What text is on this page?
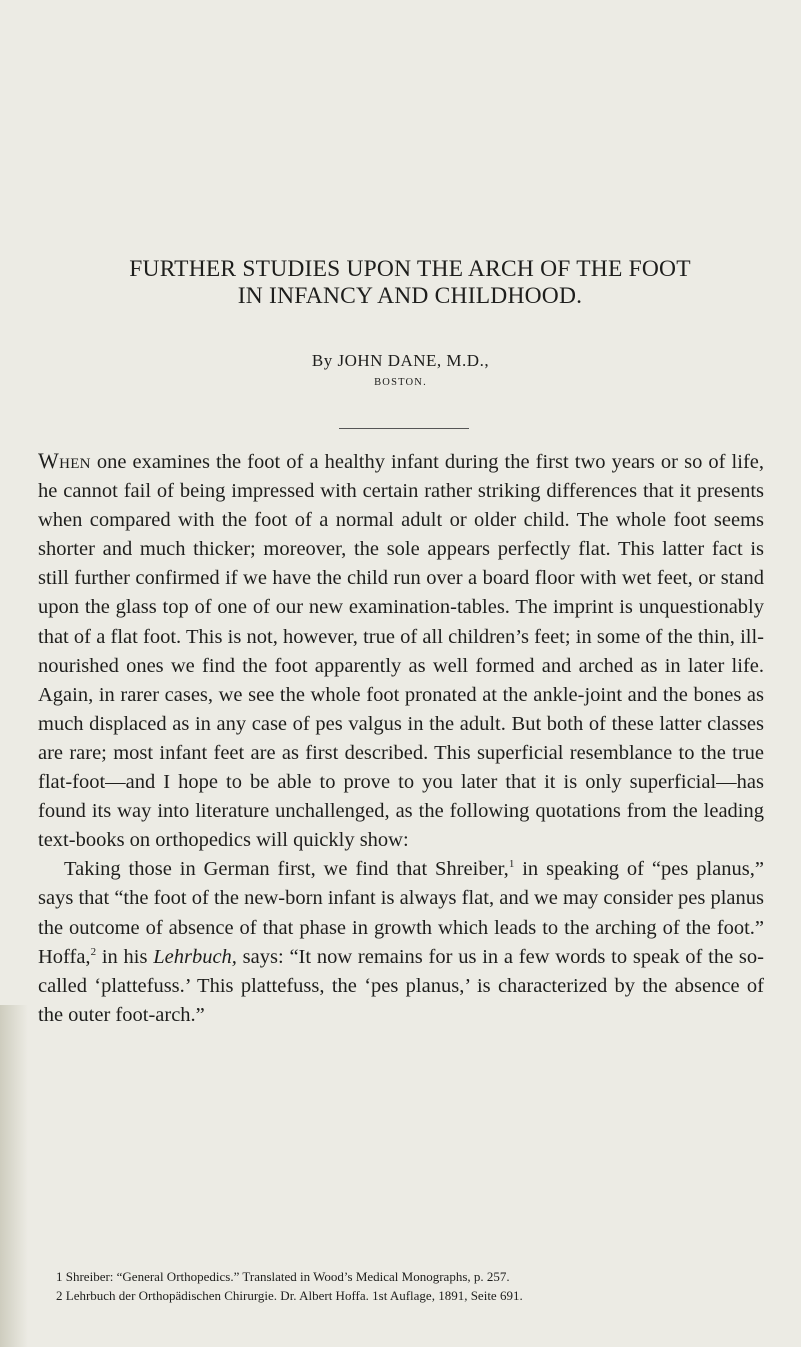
FURTHER STUDIES UPON THE ARCH OF THE FOOT
IN INFANCY AND CHILDHOOD.
By JOHN DANE, M.D.,
BOSTON.

When one examines the foot of a healthy infant during the first two years or so of life, he cannot fail of being impressed with certain rather striking differences that it presents when compared with the foot of a normal adult or older child. The whole foot seems shorter and much thicker; moreover, the sole appears perfectly flat. This latter fact is still further confirmed if we have the child run over a board floor with wet feet, or stand upon the glass top of one of our new examination-tables. The imprint is unquestionably that of a flat foot. This is not, however, true of all children’s feet; in some of the thin, ill-nourished ones we find the foot apparently as well formed and arched as in later life. Again, in rarer cases, we see the whole foot pronated at the ankle-joint and the bones as much displaced as in any case of pes valgus in the adult. But both of these latter classes are rare; most infant feet are as first described. This superficial resemblance to the true flat-foot—and I hope to be able to prove to you later that it is only superficial—has found its way into literature unchallenged, as the following quotations from the leading text-books on orthopedics will quickly show:

Taking those in German first, we find that Shreiber,$^1$ in speaking of “pes planus,” says that “the foot of the new-born infant is always flat, and we may consider pes planus the outcome of absence of that phase in growth which leads to the arching of the foot.” Hoffa,$^2$ in his Lehrbuch, says: “It now remains for us in a few words to speak of the so-called ‘plattefuss.’ This plattefuss, the ‘pes planus,’ is characterized by the absence of the outer foot-arch.”

1 Shreiber: “General Orthopedics.” Translated in Wood’s Medical Monographs, p. 257.
2 Lehrbuch der Orthopädischen Chirurgie. Dr. Albert Hoffa. 1st Auflage, 1891, Seite 691.
